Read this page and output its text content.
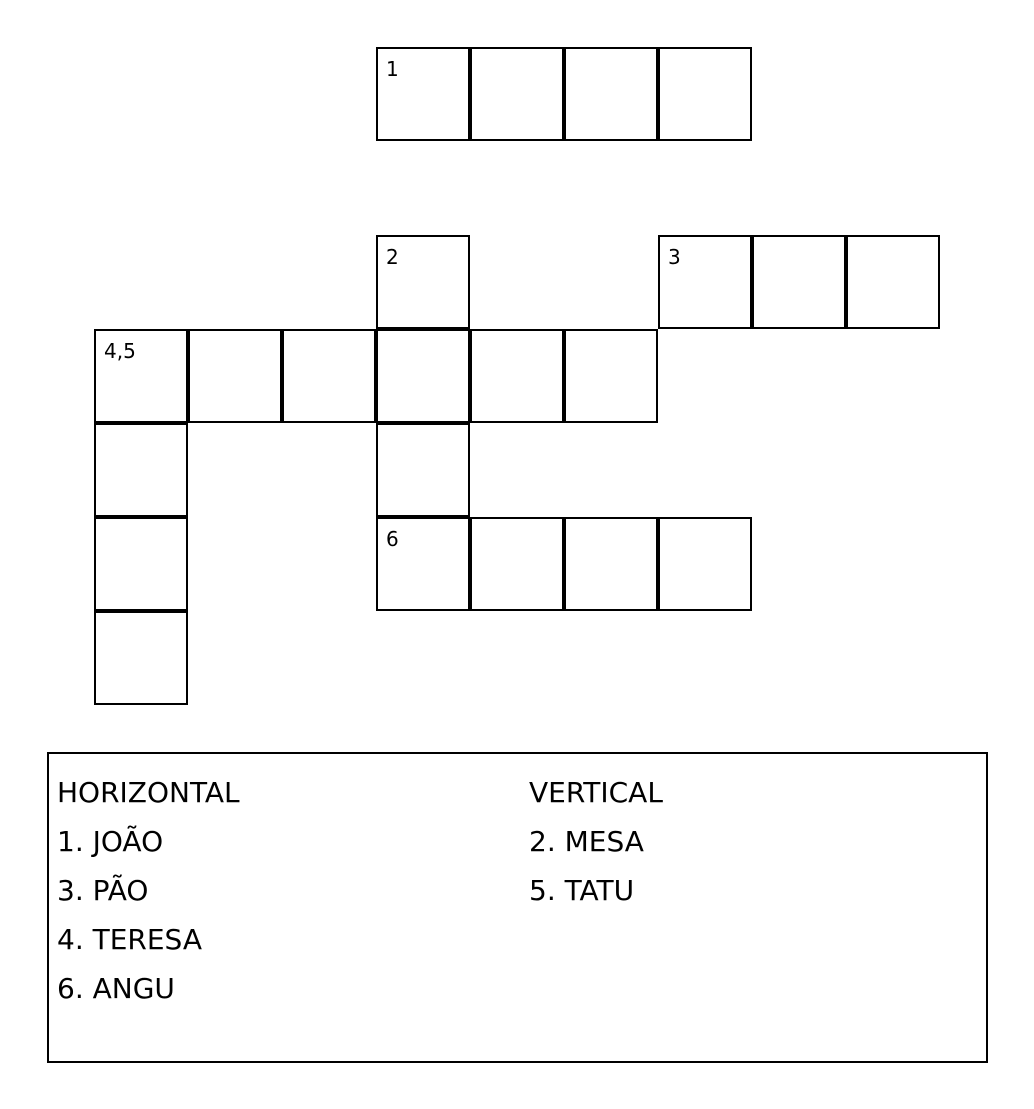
1
2	3
4,5
6
HORIZONTAL
1. JOÃO
3. PÃO
4. TERESA
6. ANGU
VERTICAL
2. MESA
5. TATU
